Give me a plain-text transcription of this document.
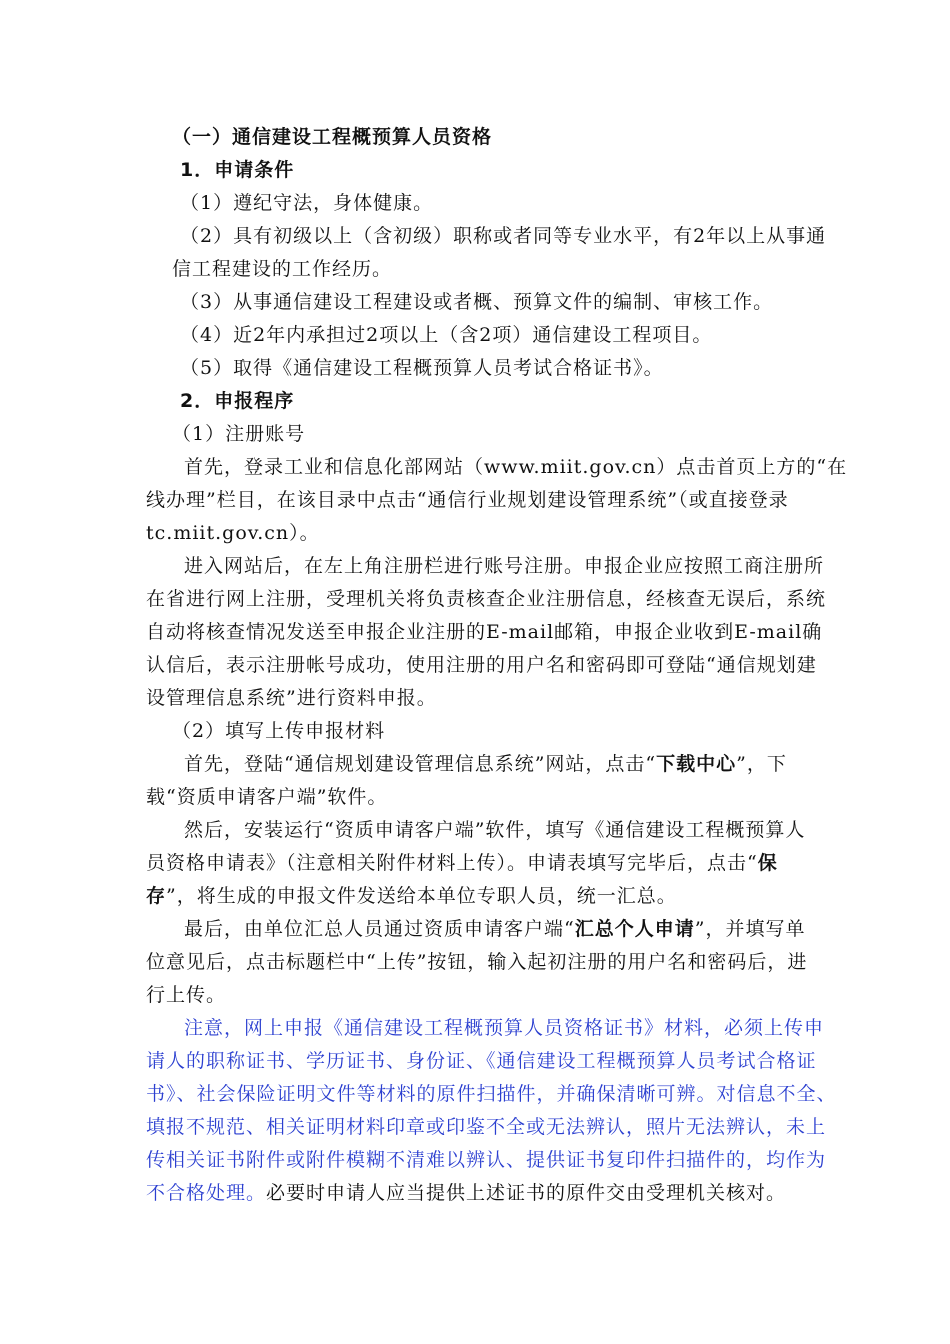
（一）通信建设工程概预算人员资格
1．申请条件
（1）遵纪守法，身体健康。
（2）具有初级以上（含初级）职称或者同等专业水平，有2年以上从事通
信工程建设的工作经历。
（3）从事通信建设工程建设或者概、预算文件的编制、审核工作。
（4）近2年内承担过2项以上（含2项）通信建设工程项目。
（5）取得《通信建设工程概预算人员考试合格证书》。
2．申报程序
（1）注册账号
首先，登录工业和信息化部网站（www.miit.gov.cn）点击首页上方的“在
线办理”栏目，在该目录中点击“通信行业规划建设管理系统”（或直接登录
tc.miit.gov.cn）。
进入网站后，在左上角注册栏进行账号注册。申报企业应按照工商注册所
在省进行网上注册，受理机关将负责核查企业注册信息，经核查无误后，系统
自动将核查情况发送至申报企业注册的E-mail邮箱，申报企业收到E-mail确
认信后，表示注册帐号成功，使用注册的用户名和密码即可登陆“通信规划建
设管理信息系统”进行资料申报。
（2）填写上传申报材料
首先，登陆“通信规划建设管理信息系统”网站，点击“下载中心”，下
载“资质申请客户端”软件。
然后，安装运行“资质申请客户端”软件，填写《通信建设工程概预算人
员资格申请表》（注意相关附件材料上传）。申请表填写完毕后，点击“保
存”，将生成的申报文件发送给本单位专职人员，统一汇总。
最后，由单位汇总人员通过资质申请客户端“汇总个人申请”，并填写单
位意见后，点击标题栏中“上传”按钮，输入起初注册的用户名和密码后，进
行上传。
注意，网上申报《通信建设工程概预算人员资格证书》材料，必须上传申
请人的职称证书、学历证书、身份证、《通信建设工程概预算人员考试合格证
书》、社会保险证明文件等材料的原件扫描件，并确保清晰可辨。对信息不全、
填报不规范、相关证明材料印章或印鉴不全或无法辨认，照片无法辨认，未上
传相关证书附件或附件模糊不清难以辨认、提供证书复印件扫描件的，均作为
不合格处理。必要时申请人应当提供上述证书的原件交由受理机关核对。
